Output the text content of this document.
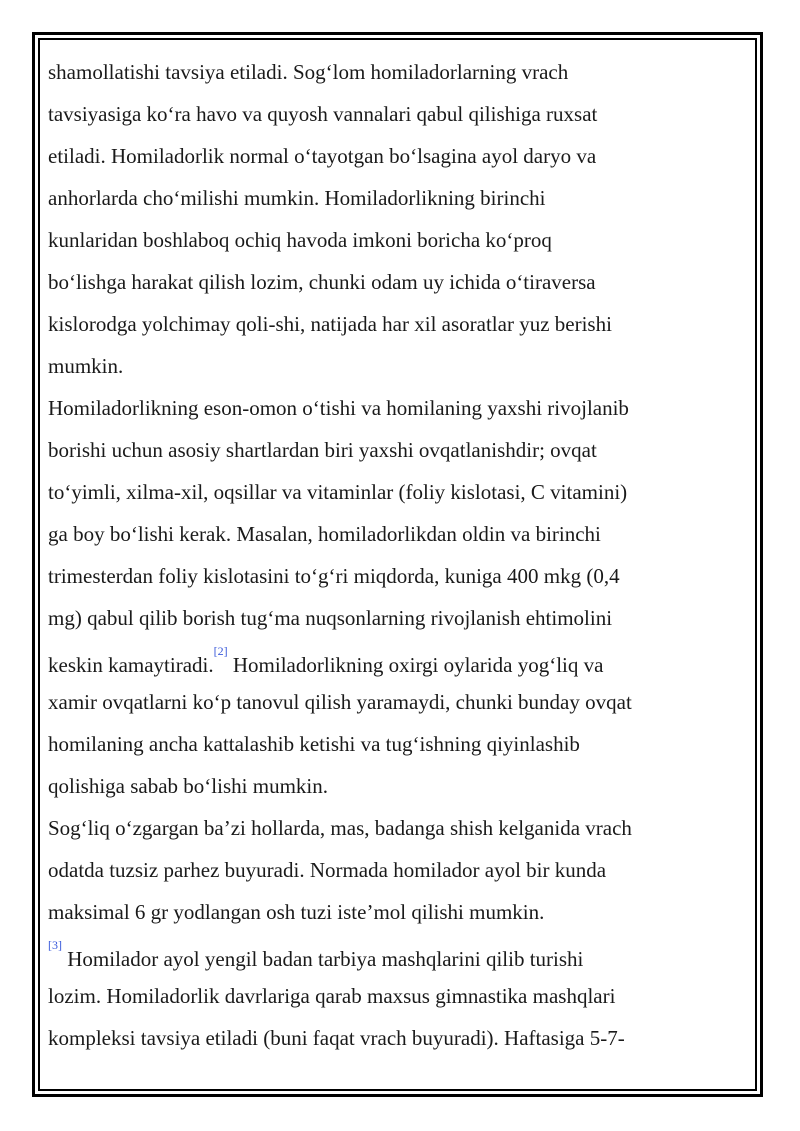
shamollatishi tavsiya etiladi. Sog‘lom homiladorlarning vrach
tavsiyasiga ko‘ra havo va quyosh vannalari qabul qilishiga ruxsat
etiladi. Homiladorlik normal o‘tayotgan bo‘lsagina ayol daryo va
anhorlarda cho‘milishi mumkin. Homiladorlikning birinchi
kunlaridan boshlaboq ochiq havoda imkoni boricha ko‘proq
bo‘lishga harakat qilish lozim, chunki odam uy ichida o‘tiraversa
kislorodga yolchimay qoli-shi, natijada har xil asoratlar yuz berishi
mumkin.
Homiladorlikning eson-omon o‘tishi va homilaning yaxshi rivojlanib
borishi uchun asosiy shartlardan biri yaxshi ovqatlanishdir; ovqat
to‘yimli, xilma-xil, oqsillar va vitaminlar (foliy kislotasi, C vitamini)
ga boy bo‘lishi kerak. Masalan, homiladorlikdan oldin va birinchi
trimesterdan foliy kislotasini to‘g‘ri miqdorda, kuniga 400 mkg (0,4
mg) qabul qilib borish tug‘ma nuqsonlarning rivojlanish ehtimolini
keskin kamaytiradi.[2] Homiladorlikning oxirgi oylarida yog‘liq va
xamir ovqatlarni ko‘p tanovul qilish yaramaydi, chunki bunday ovqat
homilaning ancha kattalashib ketishi va tug‘ishning qiyinlashib
qolishiga sabab bo‘lishi mumkin.
Sog‘liq o‘zgargan ba’zi hollarda, mas, badanga shish kelganida vrach
odatda tuzsiz parhez buyuradi. Normada homilador ayol bir kunda
maksimal 6 gr yodlangan osh tuzi iste’mol qilishi mumkin.
[3] Homilador ayol yengil badan tarbiya mashqlarini qilib turishi
lozim. Homiladorlik davrlariga qarab maxsus gimnastika mashqlari
kompleksi tavsiya etiladi (buni faqat vrach buyuradi). Haftasiga 5-7-
